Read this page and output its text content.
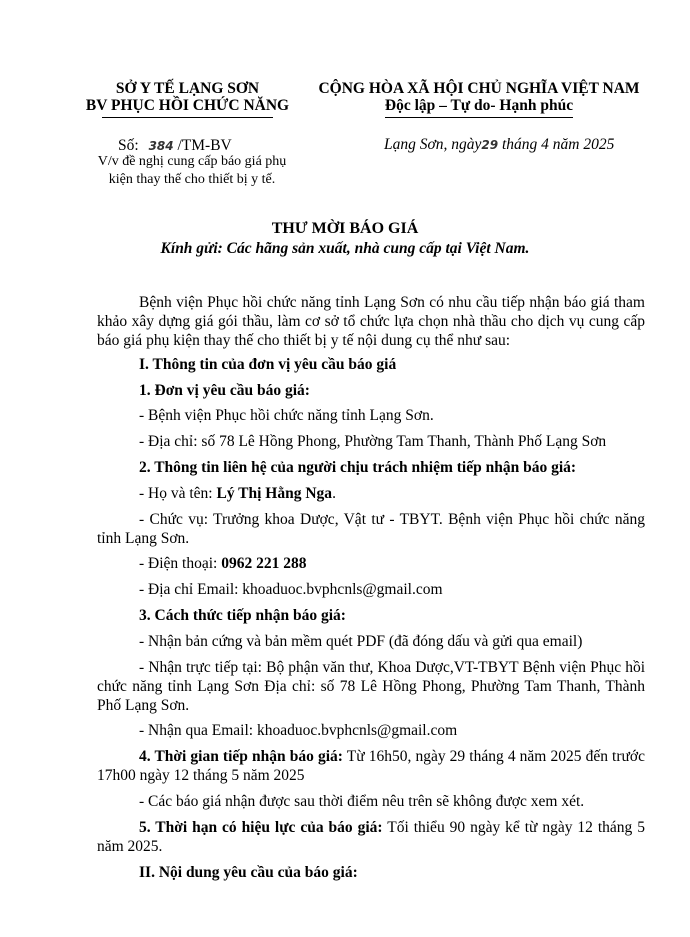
SỞ Y TẾ LẠNG SƠN
BV PHỤC HỒI CHỨC NĂNG
CỘNG HÒA XÃ HỘI CHỦ NGHĨA VIỆT NAM
Độc lập – Tự do- Hạnh phúc
Số: 384 /TM-BV
V/v đề nghị cung cấp báo giá phụ
kiện thay thế cho thiết bị y tế.
Lạng Sơn, ngày29 tháng 4 năm 2025
THƯ MỜI BÁO GIÁ
Kính gửi: Các hãng sản xuất, nhà cung cấp tại Việt Nam.
Bệnh viện Phục hồi chức năng tỉnh Lạng Sơn có nhu cầu tiếp nhận báo giá tham khảo xây dựng giá gói thầu, làm cơ sở tổ chức lựa chọn nhà thầu cho dịch vụ cung cấp báo giá phụ kiện thay thế cho thiết bị y tế nội dung cụ thể như sau:
I. Thông tin của đơn vị yêu cầu báo giá
1. Đơn vị yêu cầu báo giá:
- Bệnh viện Phục hồi chức năng tỉnh Lạng Sơn.
- Địa chỉ: số 78 Lê Hồng Phong, Phường Tam Thanh, Thành Phố Lạng Sơn
2. Thông tin liên hệ của người chịu trách nhiệm tiếp nhận báo giá:
- Họ và tên: Lý Thị Hằng Nga.
- Chức vụ: Trưởng khoa Dược, Vật tư - TBYT. Bệnh viện Phục hồi chức năng tỉnh Lạng Sơn.
- Điện thoại: 0962 221 288
- Địa chỉ Email: khoaduoc.bvphcnls@gmail.com
3. Cách thức tiếp nhận báo giá:
- Nhận bản cứng và bản mềm quét PDF (đã đóng dấu và gửi qua email)
- Nhận trực tiếp tại: Bộ phận văn thư, Khoa Dược,VT-TBYT Bệnh viện Phục hồi chức năng tỉnh Lạng Sơn Địa chỉ: số 78 Lê Hồng Phong, Phường Tam Thanh, Thành Phố Lạng Sơn.
- Nhận qua Email: khoaduoc.bvphcnls@gmail.com
4. Thời gian tiếp nhận báo giá: Từ 16h50, ngày 29 tháng 4 năm 2025 đến trước 17h00 ngày 12 tháng 5 năm 2025
- Các báo giá nhận được sau thời điểm nêu trên sẽ không được xem xét.
5. Thời hạn có hiệu lực của báo giá: Tối thiểu 90 ngày kể từ ngày 12 tháng 5 năm 2025.
II. Nội dung yêu cầu của báo giá:
